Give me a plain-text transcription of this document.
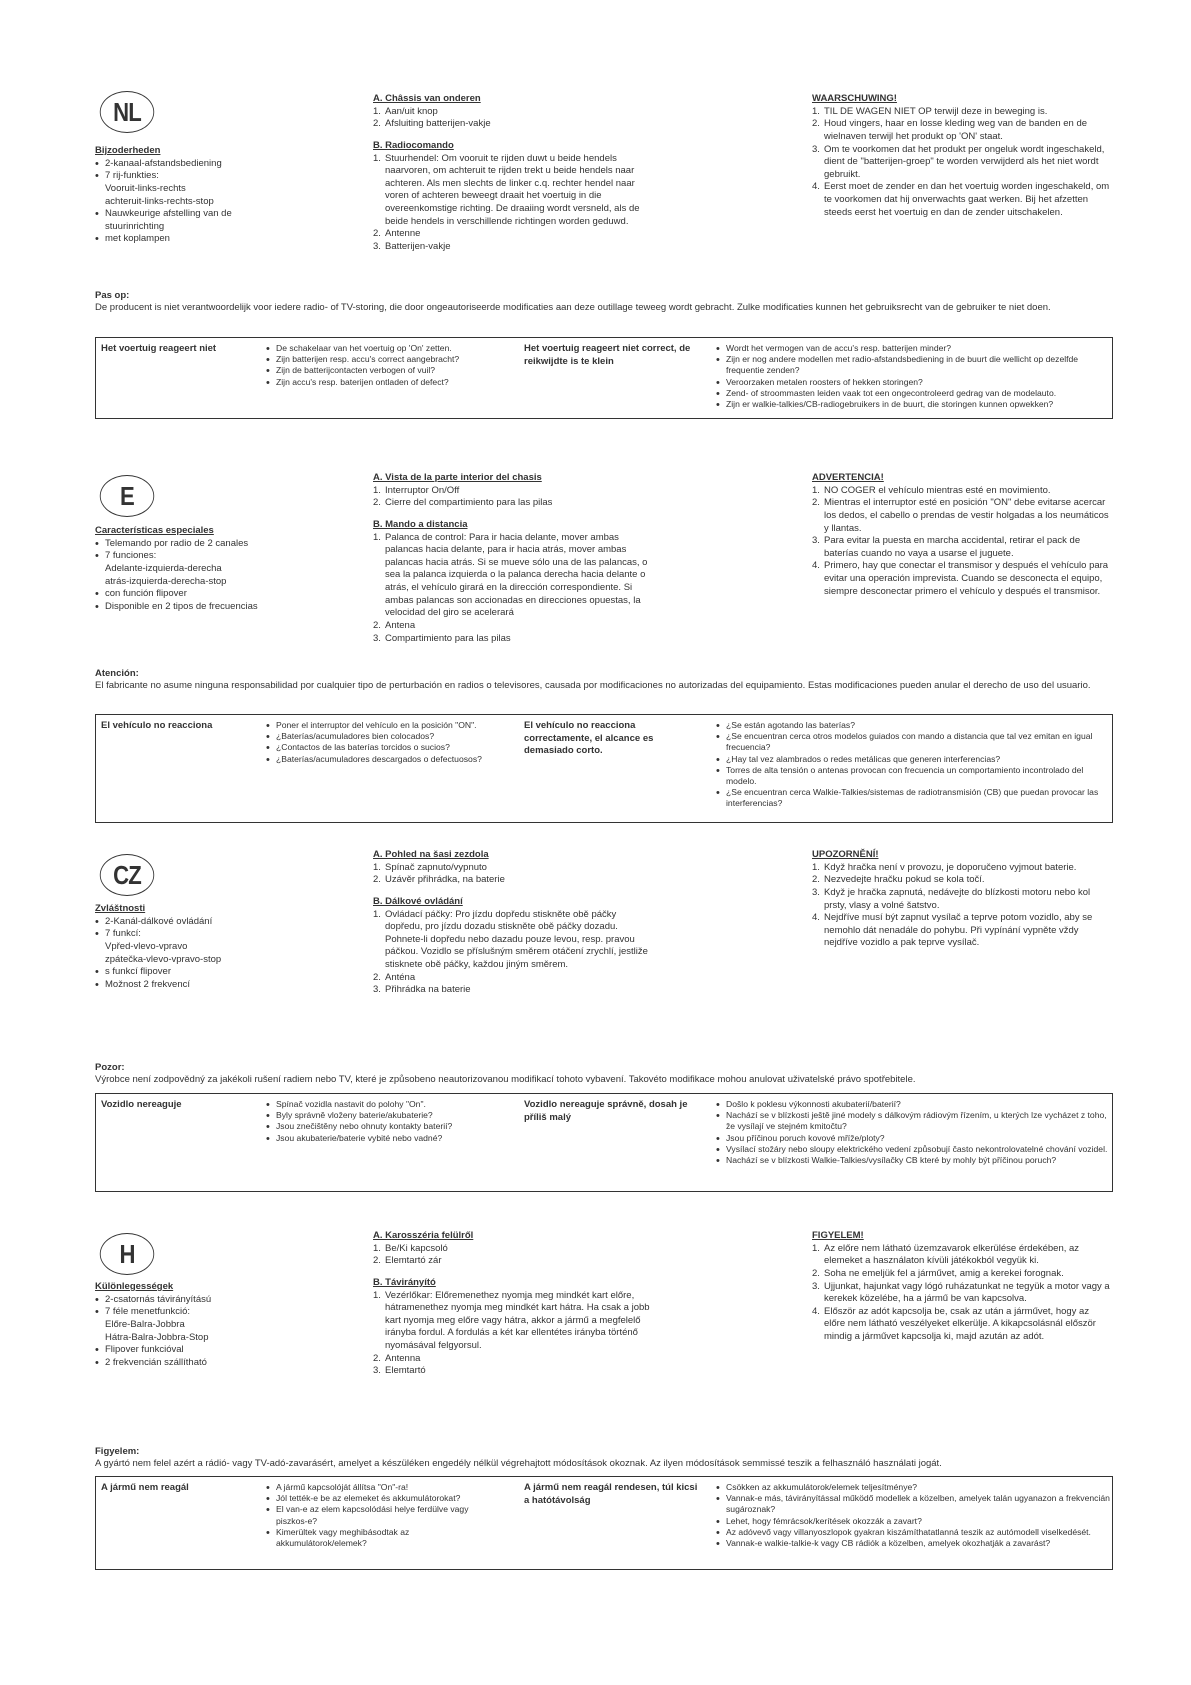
NL
Bijzoderheden
• 2-kanaal-afstandsbediening
• 7 rij-funkties:
Vooruit-links-rechts
achteruit-links-rechts-stop
• Nauwkeurige afstelling van de stuurinrichting
• met koplampen
A. Châssis van onderen
1. Aan/uit knop
2. Afsluiting batterijen-vakje
B. Radiocomando
1. Stuurhendel: Om vooruit te rijden duwt u beide hendels naarvoren, om achteruit te rijden trekt u beide hendels naar achteren. Als men slechts de linker c.q. rechter hendel naar voren of achteren beweegt draait het voertuig in die overeenkomstige richting. De draaiing wordt versneld, als de beide hendels in verschillende richtingen worden geduwd.
2. Antenne
3. Batterijen-vakje
WAARSCHUWING!
1. TIL DE WAGEN NIET OP terwijl deze in beweging is.
2. Houd vingers, haar en losse kleding weg van de banden en de wielnaven terwijl het produkt op 'ON' staat.
3. Om te voorkomen dat het produkt per ongeluk wordt ingeschakeld, dient de "batterijen-groep" te worden verwijderd als het niet wordt gebruikt.
4. Eerst moet de zender en dan het voertuig worden ingeschakeld, om te voorkomen dat hij onverwachts gaat werken. Bij het afzetten steeds eerst het voertuig en dan de zender uitschakelen.
Pas op:
De producent is niet verantwoordelijk voor iedere radio- of TV-storing, die door ongeautoriseerde modificaties aan deze outillage teweeg wordt gebracht. Zulke modificaties kunnen het gebruiksrecht van de gebruiker te niet doen.
Het voertuig reageert niet	• De schakelaar van het voertuig op 'On' zetten.
• Zijn batterijen resp. accu's correct aangebracht?
• Zijn de batterijcontacten verbogen of vuil?
• Zijn accu's resp. baterijen ontladen of defect?
Het voertuig reageert niet correct, de reikwijdte is te klein
• Wordt het vermogen van de accu's resp. batterijen minder?
• Zijn er nog andere modellen met radio-afstandsbediening in de buurt die wellicht op dezelfde frequentie zenden?
• Veroorzaken metalen roosters of hekken storingen?
• Zend- of stroommasten leiden vaak tot een ongecontroleerd gedrag van de modelauto.
• Zijn er walkie-talkies/CB-radiogebruikers in de buurt, die storingen kunnen opwekken?
E
Características especiales
• Telemando por radio de 2 canales
• 7 funciones:
Adelante-izquierda-derecha
atrás-izquierda-derecha-stop
• con función flipover
• Disponible en 2 tipos de frecuencias
A. Vista de la parte interior del chasis
1. Interruptor On/Off
2. Cierre del compartimiento para las pilas
B. Mando a distancia
1. Palanca de control: Para ir hacia delante, mover ambas palancas hacia delante, para ir hacia atrás, mover ambas palancas hacia atrás. Si se mueve sólo una de las palancas, o sea la palanca izquierda o la palanca derecha hacia delante o atrás, el vehículo girará en la dirección correspondiente. Si ambas palancas son accionadas en direcciones opuestas, la velocidad del giro se acelerará
2. Antena
3. Compartimiento para las pilas
ADVERTENCIA!
1. NO COGER el vehículo mientras esté en movimiento.
2. Mientras el interruptor esté en posición "ON" debe evitarse acercar los dedos, el cabello o prendas de vestir holgadas a los neumáticos y llantas.
3. Para evitar la puesta en marcha accidental, retirar el pack de baterías cuando no vaya a usarse el juguete.
4. Primero, hay que conectar el transmisor y después el vehículo para evitar una operación imprevista. Cuando se desconecta el equipo, siempre desconectar primero el vehículo y después el transmisor.
Atención:
El fabricante no asume ninguna responsabilidad por cualquier tipo de perturbación en radios o televisores, causada por modificaciones no autorizadas del equipamiento. Estas modificaciones pueden anular el derecho de uso del usuario.
El vehículo no reacciona	• Poner el interruptor del vehículo en la posición "ON".
• ¿Baterías/acumuladores bien colocados?
• ¿Contactos de las baterías torcidos o sucios?
• ¿Baterías/acumuladores descargados o defectuosos?
El vehículo no reacciona correctamente, el alcance es demasiado corto.
• ¿Se están agotando las baterías?
• ¿Se encuentran cerca otros modelos guiados con mando a distancia que tal vez emitan en igual frecuencia?
• ¿Hay tal vez alambrados o redes metálicas que generen interferencias?
• Torres de alta tensión o antenas provocan con frecuencia un comportamiento incontrolado del modelo.
• ¿Se encuentran cerca Walkie-Talkies/sistemas de radiotransmisión (CB) que puedan provocar las interferencias?
CZ
Zvláštnosti
• 2-Kanál-dálkové ovládání
• 7 funkcí:
Vpřed-vlevo-vpravo
zpátečka-vlevo-vpravo-stop
• s funkcí flipover
• Možnost 2 frekvencí
A. Pohled na šasi zezdola
1. Spínač zapnuto/vypnuto
2. Uzávěr přihrádka, na baterie
B. Dálkové ovládání
1. Ovládací páčky: Pro jízdu dopředu stiskněte obě páčky dopředu, pro jízdu dozadu stiskněte obě páčky dozadu. Pohnete-li dopředu nebo dazadu pouze levou, resp. pravou páčkou. Vozidlo se příslušným směrem otáčení zrychlí, jestliže stisknete obě páčky, každou jiným směrem.
2. Anténa
3. Přihrádka na baterie
UPOZORNĚNÍ!
1. Když hračka není v provozu, je doporučeno vyjmout baterie.
2. Nezvedejte hračku pokud se kola točí.
3. Když je hračka zapnutá, nedávejte do blízkosti motoru nebo kol prsty, vlasy a volné šatstvo.
4. Nejdříve musí být zapnut vysílač a teprve potom vozidlo, aby se nemohlo dát nenadále do pohybu. Při vypínání vypněte vždy nejdříve vozidlo a pak teprve vysílač.
Pozor:
Výrobce není zodpovědný za jakékoli rušení radiem nebo TV, které je způsobeno neautorizovanou modifikací tohoto vybavení. Takovéto modifikace mohou anulovat uživatelské právo spotřebitele.
Vozidlo nereaguje	• Spínač vozidla nastavit do polohy "On".
• Byly správně vloženy baterie/akubaterie?
• Jsou znečištěny nebo ohnuty kontakty baterií?
• Jsou akubaterie/baterie vybité nebo vadné?
Vozidlo nereaguje správně, dosah je příliš malý
• Došlo k poklesu výkonnosti akubaterií/baterií?
• Nachází se v blízkosti ještě jiné modely s dálkovým rádiovým řízením, u kterých lze vycházet z toho, že vysílají ve stejném kmitočtu?
• Jsou příčinou poruch kovové mříže/ploty?
• Vysílací stožáry nebo sloupy elektrického vedení způsobují často nekontrolovatelné chování vozidel.
• Nachází se v blízkosti Walkie-Talkies/vysílačky CB které by mohly být příčinou poruch?
H
Különlegességek
• 2-csatornás távirányítású
• 7 féle menetfunkció:
Előre-Balra-Jobbra
Hátra-Balra-Jobbra-Stop
• Flipover funkcióval
• 2 frekvencián szállítható
A. Karosszéria felülről
1. Be/Ki kapcsoló
2. Elemtartó zár
B. Távirányító
1. Vezérlőkar: Előremenethez nyomja meg mindkét kart előre, hátramenethez nyomja meg mindkét kart hátra. Ha csak a jobb kart nyomja meg előre vagy hátra, akkor a jármű a megfelelő irányba fordul. A fordulás a két kar ellentétes irányba történő nyomásával felgyorsul.
2. Antenna
3. Elemtartó
FIGYELEM!
1. Az előre nem látható üzemzavarok elkerülése érdekében, az elemeket a használaton kívüli játékokból vegyük ki.
2. Soha ne emeljük fel a járművet, amig a kerekei forognak.
3. Ujjunkat, hajunkat vagy lógó ruházatunkat ne tegyük a motor vagy a kerekek közelébe, ha a jármű be van kapcsolva.
4. Először az adót kapcsolja be, csak az után a járművet, hogy az előre nem látható veszélyeket elkerülje. A kikapcsolásnál először mindig a járművet kapcsolja ki, majd azután az adót.
Figyelem:
A gyártó nem felel azért a rádió- vagy TV-adó-zavarásért, amelyet a készüléken engedély nélkül végrehajtott módosítások okoznak. Az ilyen módosítások semmissé teszik a felhasználó használati jogát.
A jármű nem reagál	• A jármű kapcsolóját állítsa "On"-ra!
• Jól tették-e be az elemeket és akkumulátorokat?
• El van-e az elem kapcsolódási helye ferdülve vagy piszkos-e?
• Kimerültek vagy meghibásodtak az akkumulátorok/elemek?
A jármű nem reagál rendesen, túl kicsi a hatótávolság
• Csökken az akkumulátorok/elemek teljesítménye?
• Vannak-e más, távirányítással működő modellek a közelben, amelyek talán ugyanazon a frekvencián sugároznak?
• Lehet, hogy fémrácsok/kerítések okozzák a zavart?
• Az adóvevő vagy villanyoszlopok gyakran kiszámíthatatlanná teszik az autómodell viselkedését.
• Vannak-e walkie-talkie-k vagy CB rádiók a közelben, amelyek okozhatják a zavarást?
